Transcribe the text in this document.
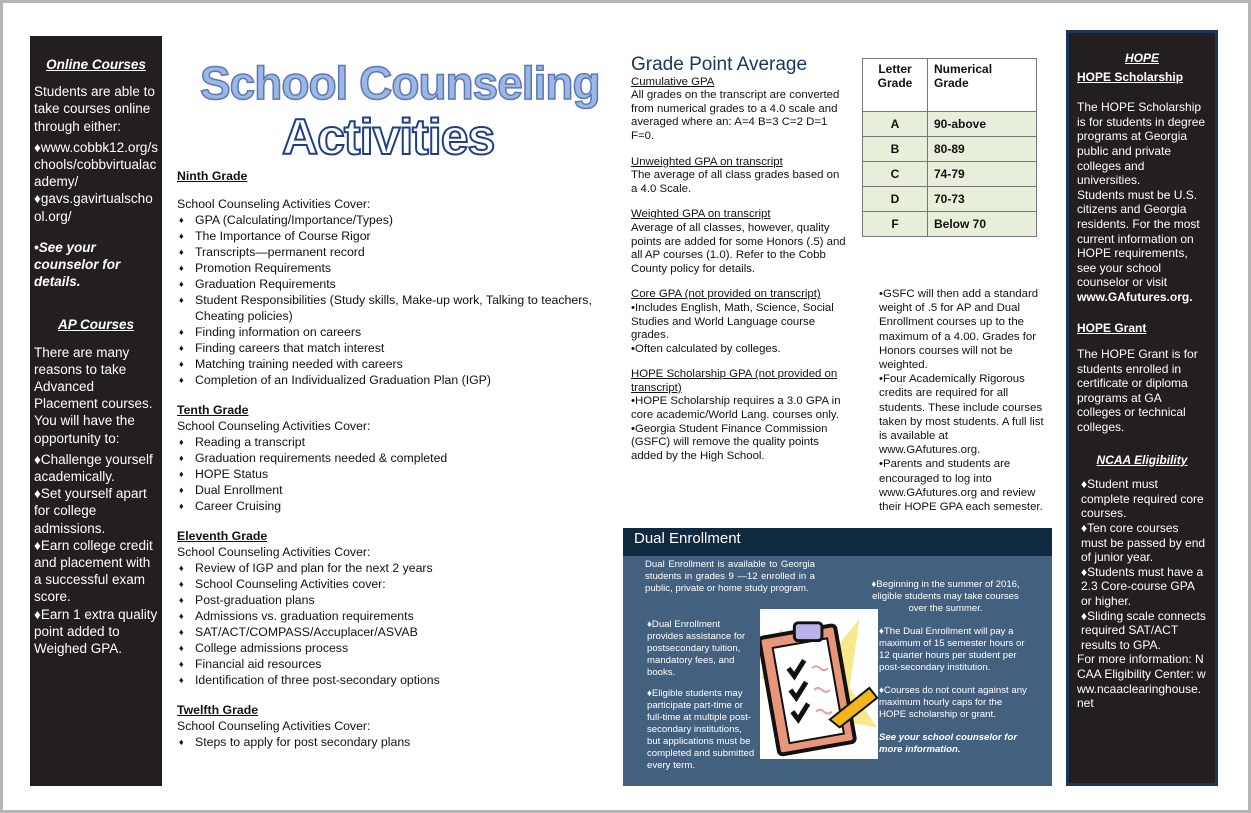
Online Courses

Students are able to take courses online through either:

♦www.cobbk12.org/schools/cobbvirtualacademy/

♦gavs.gavirtualschool.org/

•See your counselor for details.

AP Courses

There are many reasons to take Advanced Placement courses. You will have the opportunity to:

♦Challenge yourself academically.

♦Set yourself apart for college admissions.

♦Earn college credit and placement with a successful exam score.

♦Earn 1 extra quality point added to Weighed GPA.

School Counseling
Activities
Ninth Grade
School Counseling Activities Cover:
♦ GPA (Calculating/Importance/Types)
♦ The Importance of Course Rigor
♦ Transcripts—permanent record
♦ Promotion Requirements
♦ Graduation Requirements
♦ Student Responsibilities (Study skills, Make-up work, Talking to teachers, Cheating policies)
♦ Finding information on careers
♦ Finding careers that match interest
♦ Matching training needed with careers
♦ Completion of an Individualized Graduation Plan (IGP)
Tenth Grade
School Counseling Activities Cover:
♦ Reading a transcript
♦ Graduation requirements needed & completed
♦ HOPE Status
♦ Dual Enrollment
♦ Career Cruising
Eleventh Grade
School Counseling Activities Cover:
♦ Review of IGP and plan for the next 2 years
♦ School Counseling Activities cover:
♦ Post-graduation plans
♦ Admissions vs. graduation requirements
♦ SAT/ACT/COMPASS/Accuplacer/ASVAB
♦ College admissions process
♦ Financial aid resources
♦ Identification of three post-secondary options
Twelfth Grade
School Counseling Activities Cover:
♦ Steps to apply for post secondary plans
Grade Point Average
Cumulative GPA

All grades on the transcript are converted from numerical grades to a 4.0 scale and averaged where an: A=4 B=3 C=2 D=1 F=0.

Unweighted GPA on transcript

The average of all class grades based on a 4.0 Scale.

Weighted GPA on transcript

Average of all classes, however, quality points are added for some Honors (.5) and all AP courses (1.0). Refer to the Cobb County policy for details.

Core GPA (not provided on transcript)

•Includes English, Math, Science, Social Studies and World Language course grades.
•Often calculated by colleges.

HOPE Scholarship GPA (not provided on transcript)

•HOPE Scholarship requires a 3.0 GPA in core academic/World Lang. courses only.
•Georgia Student Finance Commission (GSFC) will remove the quality points added by the High School.

Letter Grade	Numerical Grade
A	90-above
B	80-89
C	74-79
D	70-73
F	Below 70
•GSFC will then add a standard weight of .5 for AP and Dual Enrollment courses up to the maximum of a 4.00. Grades for Honors courses will not be weighted.
•Four Academically Rigorous credits are required for all students. These include courses taken by most students. A full list is available at www.GAfutures.org.
•Parents and students are encouraged to log into www.GAfutures.org and review their HOPE GPA each semester.
Dual Enrollment
Dual Enrollment is available to Georgia students in grades 9 —12 enrolled in a public, private or home study program.
♦Dual Enrollment provides assistance for postsecondary tuition, mandatory fees, and books.
♦Eligible students may participate part-time or full-time at multiple post-secondary institutions, but applications must be completed and submitted every term.
♦Beginning in the summer of 2016, eligible students may take courses over the summer.
♦The Dual Enrollment will pay a maximum of 15 semester hours or 12 quarter hours per student per post-secondary institution.
♦Courses do not count against any maximum hourly caps for the HOPE scholarship or grant.
See your school counselor for more information.
HOPE
HOPE Scholarship

The HOPE Scholarship is for students in degree programs at Georgia public and private colleges and universities.

Students must be U.S. citizens and Georgia residents. For the most current information on HOPE requirements, see your school counselor or visit

www.GAfutures.org.

HOPE Grant

The HOPE Grant is for students enrolled in certificate or diploma programs at GA colleges or technical colleges.

NCAA Eligibility

♦Student must complete required core courses.

♦Ten core courses must be passed by end of junior year.

♦Students must have a 2.3 Core-course GPA or higher.

♦Sliding scale connects required SAT/ACT results to GPA.

For more information: NCAA Eligibility Center: www.ncaaclearinghouse.net
